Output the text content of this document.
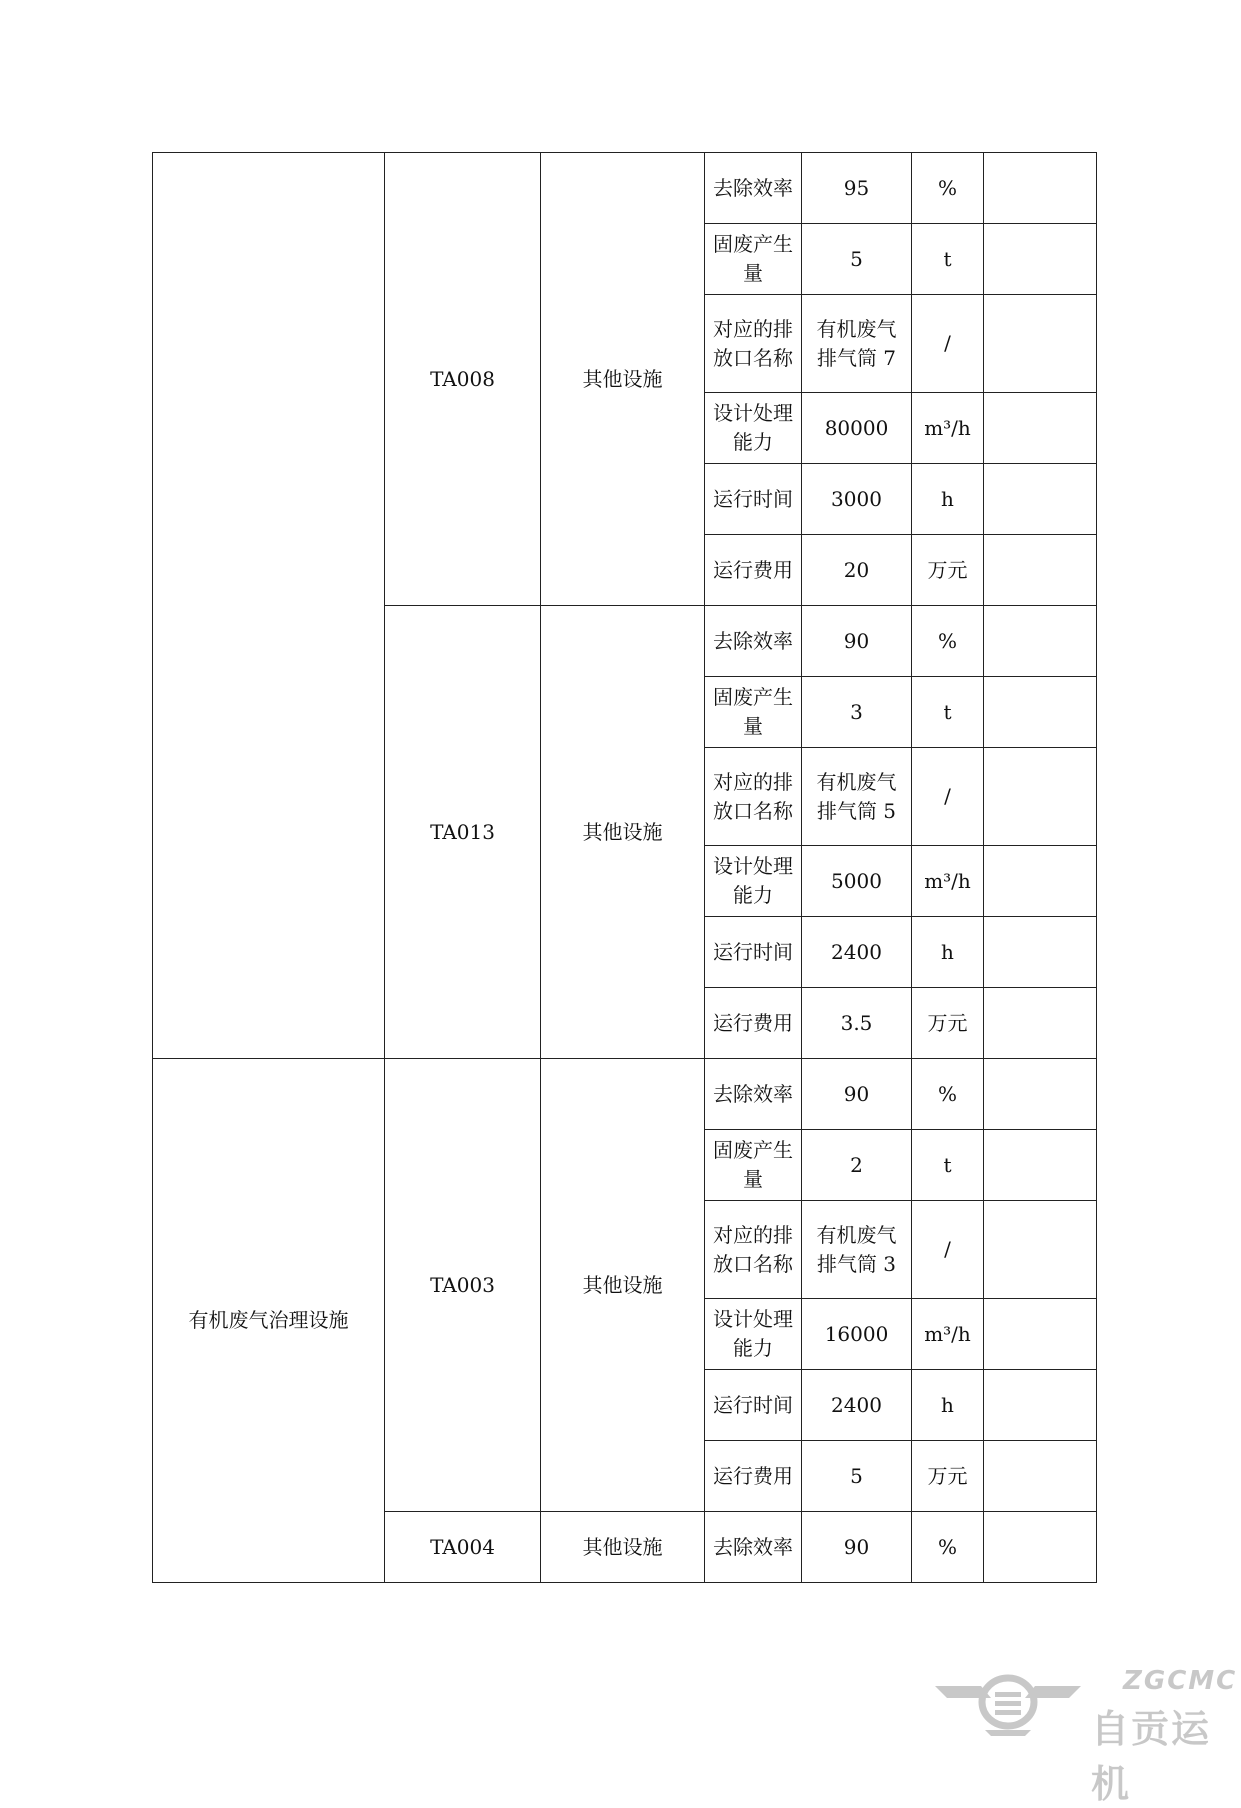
	TA008	其他设施	去除效率	95	%	
			固废产生量	5	t	
			对应的排放口名称	有机废气排气筒 7	/	
			设计处理能力	80000	m³/h	
			运行时间	3000	h	
			运行费用	20	万元	
	TA013	其他设施	去除效率	90	%	
			固废产生量	3	t	
			对应的排放口名称	有机废气排气筒 5	/	
			设计处理能力	5000	m³/h	
			运行时间	2400	h	
			运行费用	3.5	万元	
有机废气治理设施	TA003	其他设施	去除效率	90	%	
			固废产生量	2	t	
			对应的排放口名称	有机废气排气筒 3	/	
			设计处理能力	16000	m³/h	
			运行时间	2400	h	
			运行费用	5	万元	
	TA004	其他设施	去除效率	90	%	
ZGCMC
自贡运机
